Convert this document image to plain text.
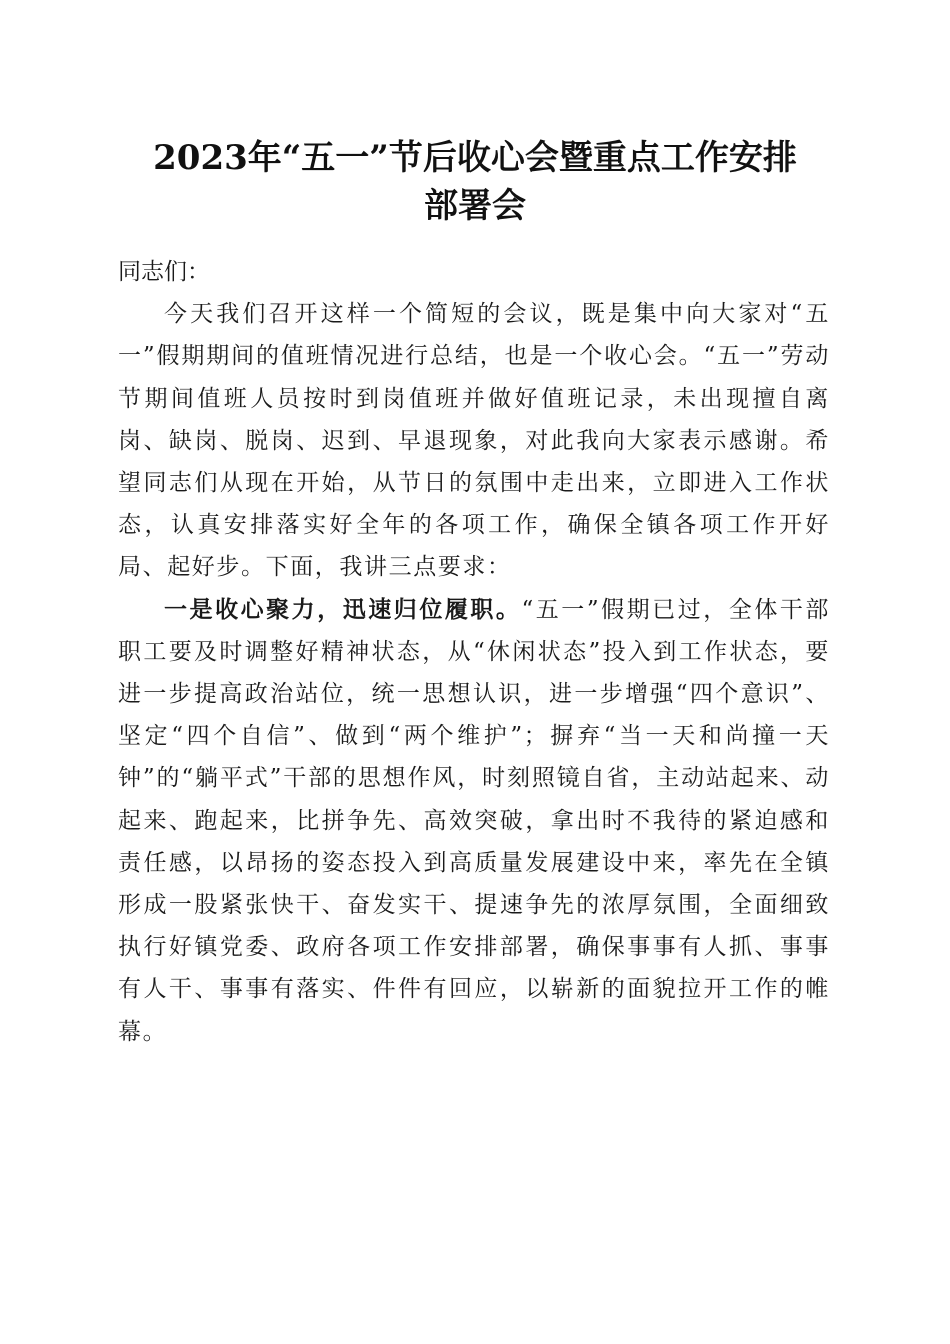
2023年“五一”节后收心会暨重点工作安排
部署会

同志们：

今天我们召开这样一个简短的会议，既是集中向大家对“五一”假期期间的值班情况进行总结，也是一个收心会。“五一”劳动节期间值班人员按时到岗值班并做好值班记录，未出现擅自离岗、缺岗、脱岗、迟到、早退现象，对此我向大家表示感谢。希望同志们从现在开始，从节日的氛围中走出来，立即进入工作状态，认真安排落实好全年的各项工作，确保全镇各项工作开好局、起好步。下面，我讲三点要求：

一是收心聚力，迅速归位履职。“五一”假期已过，全体干部职工要及时调整好精神状态，从“休闲状态”投入到工作状态，要进一步提高政治站位，统一思想认识，进一步增强“四个意识”、坚定“四个自信”、做到“两个维护”；摒弃“当一天和尚撞一天钟”的“躺平式”干部的思想作风，时刻照镜自省，主动站起来、动起来、跑起来，比拼争先、高效突破，拿出时不我待的紧迫感和责任感，以昂扬的姿态投入到高质量发展建设中来，率先在全镇形成一股紧张快干、奋发实干、提速争先的浓厚氛围，全面细致执行好镇党委、政府各项工作安排部署，确保事事有人抓、事事有人干、事事有落实、件件有回应，以崭新的面貌拉开工作的帷幕。
